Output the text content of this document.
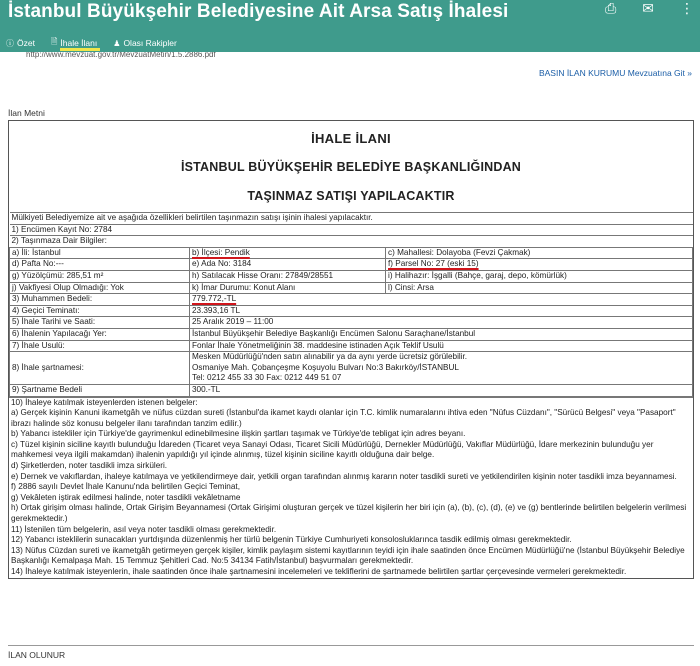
İstanbul Büyükşehir Belediyesine Ait Arsa Satış İhalesi	⎙ ✉ ⋮
ⓘ Özet 🗎 İhale İlanı ♟ Olası Rakipler
http://www.mevzuat.gov.tr/MevzuatMetin/1.5.2886.pdf
BASIN İLAN KURUMU Mevzuatına Git »
İlan Metni
İHALE İLANI
İSTANBUL BÜYÜKŞEHİR BELEDİYE BAŞKANLIĞINDAN
TAŞINMAZ SATIŞI YAPILACAKTIR
Mülkiyeti Belediyemize ait ve aşağıda özellikleri belirtilen taşınmazın satışı işinin ihalesi yapılacaktır.		
1) Encümen Kayıt No: 2784		
2) Taşınmaza Dair Bilgiler:		
a) İli: İstanbul	b) İlçesi: Pendik	c) Mahallesi: Dolayoba (Fevzi Çakmak)
d) Pafta No:---	e) Ada No: 3184	f) Parsel No: 27 (eski 15)
g) Yüzölçümü: 285,51 m²	h) Satılacak Hisse Oranı: 27849/28551	i) Halihazır: İşgalli (Bahçe, garaj, depo, kömürlük)
j) Vakfiyesi Olup Olmadığı: Yok	k) İmar Durumu: Konut Alanı	l) Cinsi: Arsa
3) Muhammen Bedeli:	779.772,-TL	
4) Geçici Teminatı:	23.393,16 TL	
5) İhale Tarihi ve Saati:	25 Aralık 2019 – 11:00	
6) İhalenin Yapılacağı Yer:	İstanbul Büyükşehir Belediye Başkanlığı Encümen Salonu Saraçhane/İstanbul	
7) İhale Usulü:	Fonlar İhale Yönetmeliğinin 38. maddesine istinaden Açık Teklif Usulü	
8) İhale şartnamesi:	Mesken Müdürlüğü'nden satın alınabilir ya da aynı yerde ücretsiz görülebilir.
Osmaniye Mah. Çobançeşme Koşuyolu Bulvarı No:3 Bakırköy/İSTANBUL
Tel: 0212 455 33 30 Fax: 0212 449 51 07	

9) Şartname Bedeli	300.-TL	

10) İhaleye katılmak isteyenlerden istenen belgeler:

a) Gerçek kişinin Kanuni ikametgâh ve nüfus cüzdan sureti (İstanbul'da ikamet kaydı olanlar için T.C. kimlik numaralarını ihtiva eden "Nüfus Cüzdanı", "Sürücü Belgesi" veya "Pasaport" ibrazı halinde söz konusu belgeler ilanı tarafından tanzim edilir.)

b) Yabancı istekliler için Türkiye'de gayrimenkul edinebilmesine ilişkin şartları taşımak ve Türkiye'de tebligat için adres beyanı.

c) Tüzel kişinin siciline kayıtlı bulunduğu İdareden (Ticaret veya Sanayi Odası, Ticaret Sicili Müdürlüğü, Dernekler Müdürlüğü, Vakıflar Müdürlüğü, İdare merkezinin bulunduğu yer mahkemesi veya ilgili makamdan) ihalenin yapıldığı yıl içinde alınmış, tüzel kişinin siciline kayıtlı olduğuna dair belge.

d) Şirketlerden, noter tasdikli imza sirküleri.

e) Dernek ve vakıflardan, ihaleye katılmaya ve yetkilendirmeye dair, yetkili organ tarafından alınmış kararın noter tasdikli sureti ve yetkilendirilen kişinin noter tasdikli imza beyannamesi.

f) 2886 sayılı Devlet İhale Kanunu'nda belirtilen Geçici Teminat,

g) Vekâleten iştirak edilmesi halinde, noter tasdikli vekâletname

h) Ortak girişim olması halinde, Ortak Girişim Beyannamesi (Ortak Girişimi oluşturan gerçek ve tüzel kişilerin her biri için (a), (b), (c), (d), (e) ve (g) bentlerinde belirtilen belgelerin verilmesi gerekmektedir.)

11) İstenilen tüm belgelerin, asıl veya noter tasdikli olması gerekmektedir.

12) Yabancı isteklilerin sunacakları yurtdışında düzenlenmiş her türlü belgenin Türkiye Cumhuriyeti konsolosluklarınca tasdik edilmiş olması gerekmektedir.

13) Nüfus Cüzdan sureti ve ikametgâh getirmeyen gerçek kişiler, kimlik paylaşım sistemi kayıtlarının teyidi için ihale saatinden önce Encümen Müdürlüğü'ne (İstanbul Büyükşehir Belediye Başkanlığı Kemalpaşa Mah. 15 Temmuz Şehitleri Cad. No:5 34134 Fatih/İstanbul) başvurmaları gerekmektedir.

14) İhaleye katılmak isteyenlerin, ihale saatinden önce ihale şartnamesini incelemeleri ve tekliflerini de şartnamede belirtilen şartlar çerçevesinde vermeleri gerekmektedir.

İLAN OLUNUR
